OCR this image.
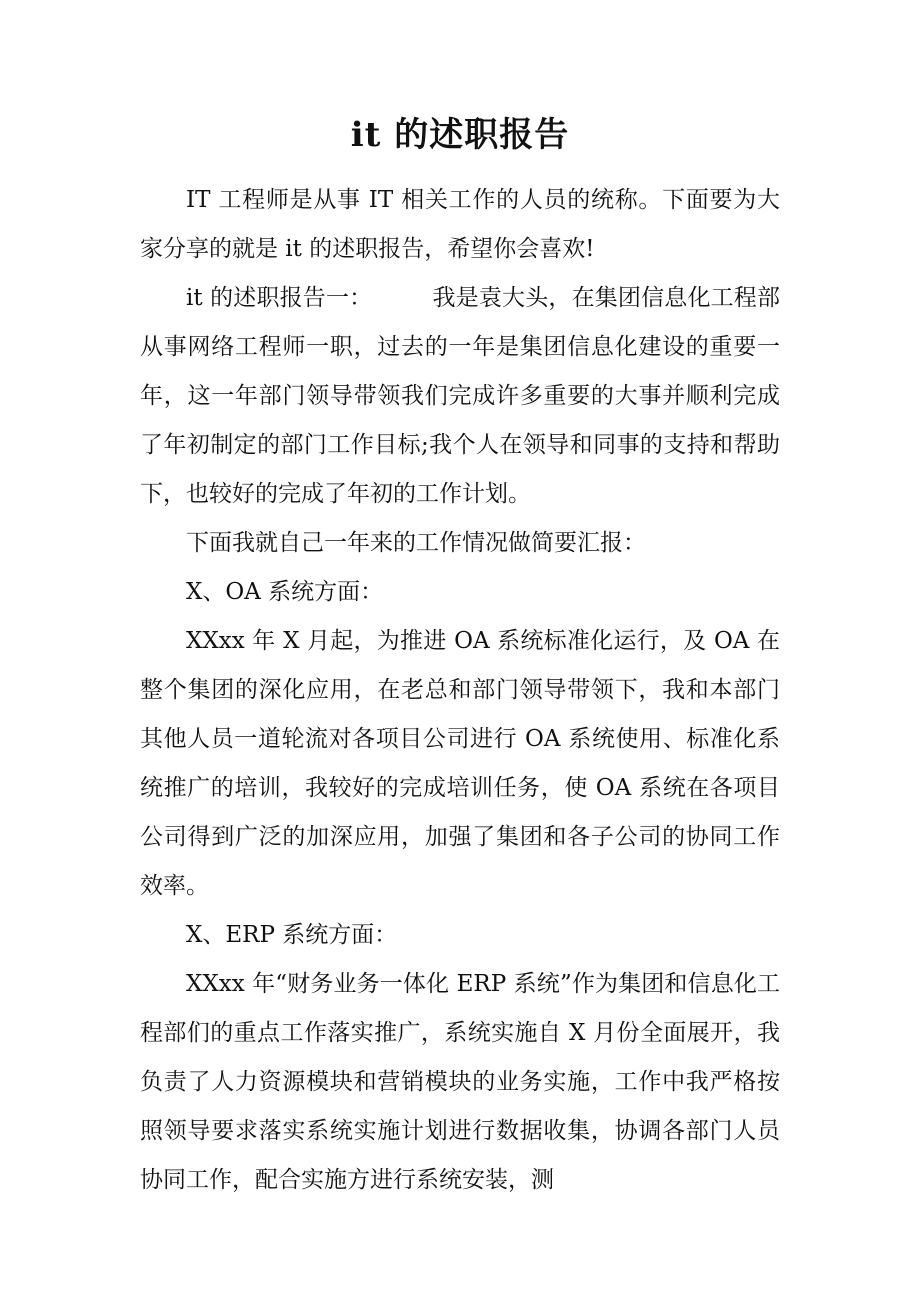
it 的述职报告

IT 工程师是从事 IT 相关工作的人员的统称。下面要为大家分享的就是 it 的述职报告，希望你会喜欢!

it 的述职报告一：	我是袁大头，在集团信息化工程部从事网络工程师一职，过去的一年是集团信息化建设的重要一年，这一年部门领导带领我们完成许多重要的大事并顺利完成了年初制定的部门工作目标;我个人在领导和同事的支持和帮助下，也较好的完成了年初的工作计划。

下面我就自己一年来的工作情况做简要汇报：

X、OA 系统方面：

XXxx 年 X 月起，为推进 OA 系统标准化运行，及 OA 在整个集团的深化应用，在老总和部门领导带领下，我和本部门其他人员一道轮流对各项目公司进行 OA 系统使用、标准化系统推广的培训，我较好的完成培训任务，使 OA 系统在各项目公司得到广泛的加深应用，加强了集团和各子公司的协同工作效率。

X、ERP 系统方面：

XXxx 年“财务业务一体化 ERP 系统”作为集团和信息化工程部们的重点工作落实推广，系统实施自 X 月份全面展开，我负责了人力资源模块和营销模块的业务实施，工作中我严格按照领导要求落实系统实施计划进行数据收集，协调各部门人员协同工作，配合实施方进行系统安装，测
